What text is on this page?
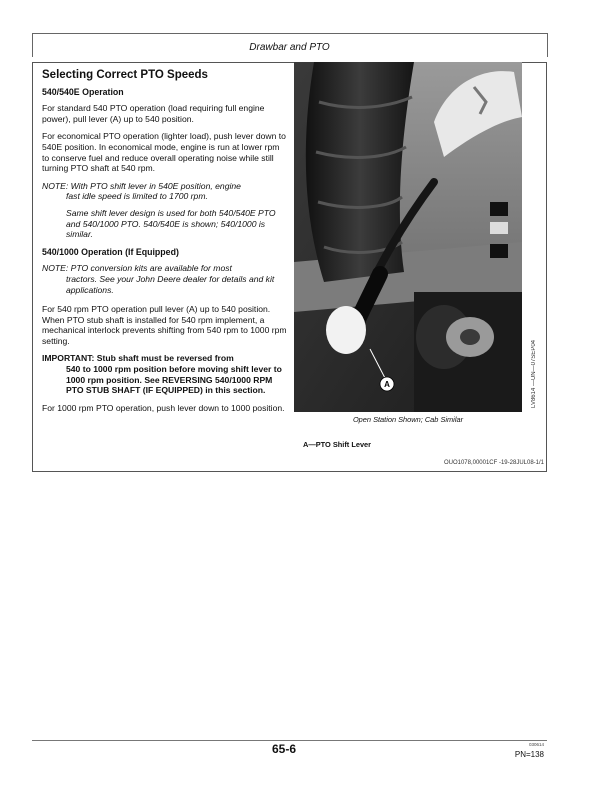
Drawbar and PTO
Selecting Correct PTO Speeds
540/540E Operation

For standard 540 PTO operation (load requiring full engine power), pull lever (A) up to 540 position.

For economical PTO operation (lighter load), push lever down to 540E position. In economical mode, engine is run at lower rpm to conserve fuel and reduce overall operating noise while still turning PTO shaft at 540 rpm.

NOTE: With PTO shift lever in 540E position, engine
fast idle speed is limited to 1700 rpm.

Same shift lever design is used for both 540/540E PTO and 540/1000 PTO. 540/540E is shown; 540/1000 is similar.

540/1000 Operation (If Equipped)
NOTE: PTO conversion kits are available for most
tractors. See your John Deere dealer for details and kit applications.

For 540 rpm PTO operation pull lever (A) up to 540 position. When PTO stub shaft is installed for 540 rpm implement, a mechanical interlock prevents shifting from 540 rpm to 1000 rpm setting.

IMPORTANT: Stub shaft must be reversed from
540 to 1000 rpm position before moving shift lever to 1000 rpm position. See REVERSING 540/1000 RPM PTO STUB SHAFT (IF EQUIPPED) in this section.

For 1000 rpm PTO operation, push lever down to 1000 position.

A	LV8614 —UN—07SEP04
Open Station Shown; Cab Similar
A—PTO Shift Lever
OUO1078,00001CF -19-28JUL08-1/1
65-6	030614
PN=138
